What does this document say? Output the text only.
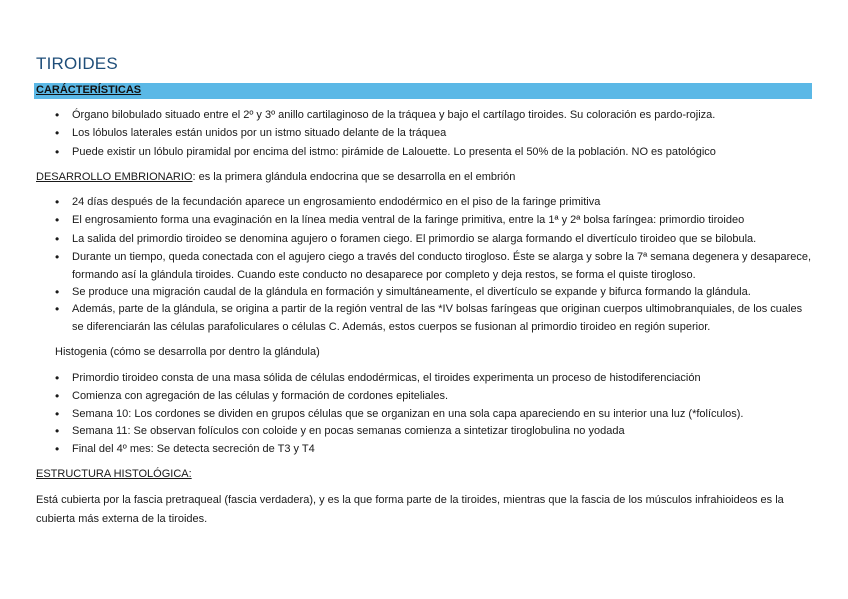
TIROIDES
CARÁCTERÍSTICAS
• Órgano bilobulado situado entre el 2º y 3º anillo cartilaginoso de la tráquea y bajo el cartílago tiroides. Su coloración es pardo-rojiza.
• Los lóbulos laterales están unidos por un istmo situado delante de la tráquea
• Puede existir un lóbulo piramidal por encima del istmo: pirámide de Lalouette. Lo presenta el 50% de la población. NO es patológico
DESARROLLO EMBRIONARIO: es la primera glándula endocrina que se desarrolla en el embrión
• 24 días después de la fecundación aparece un engrosamiento endodérmico en el piso de la faringe primitiva
• El engrosamiento forma una evaginación en la línea media ventral de la faringe primitiva, entre la 1ª y 2ª bolsa faríngea: primordio tiroideo
• La salida del primordio tiroideo se denomina agujero o foramen ciego. El primordio se alarga formando el divertículo tiroideo que se bilobula.
• Durante un tiempo, queda conectada con el agujero ciego a través del conducto tirogloso. Éste se alarga y sobre la 7ª semana degenera y desaparece, formando así la glándula tiroides. Cuando este conducto no desaparece por completo y deja restos, se forma el quiste tirogloso.
• Se produce una migración caudal de la glándula en formación y simultáneamente, el divertículo se expande y bifurca formando la glándula.
• Además, parte de la glándula, se origina a partir de la región ventral de las *IV bolsas faríngeas que originan cuerpos ultimobranquiales, de los cuales se diferenciarán las células parafoliculares o células C. Además, estos cuerpos se fusionan al primordio tiroideo en región superior.
Histogenia (cómo se desarrolla por dentro la glándula)
• Primordio tiroideo consta de una masa sólida de células endodérmicas, el tiroides experimenta un proceso de histodiferenciación
• Comienza con agregación de las células y formación de cordones epiteliales.
• Semana 10: Los cordones se dividen en grupos células que se organizan en una sola capa apareciendo en su interior una luz (*folículos).
• Semana 11: Se observan folículos con coloide y en pocas semanas comienza a sintetizar tiroglobulina no yodada
• Final del 4º mes: Se detecta secreción de T3 y T4
ESTRUCTURA HISTOLÓGICA:
Está cubierta por la fascia pretraqueal (fascia verdadera), y es la que forma parte de la tiroides, mientras que la fascia de los músculos infrahioideos es la cubierta más externa de la tiroides.
